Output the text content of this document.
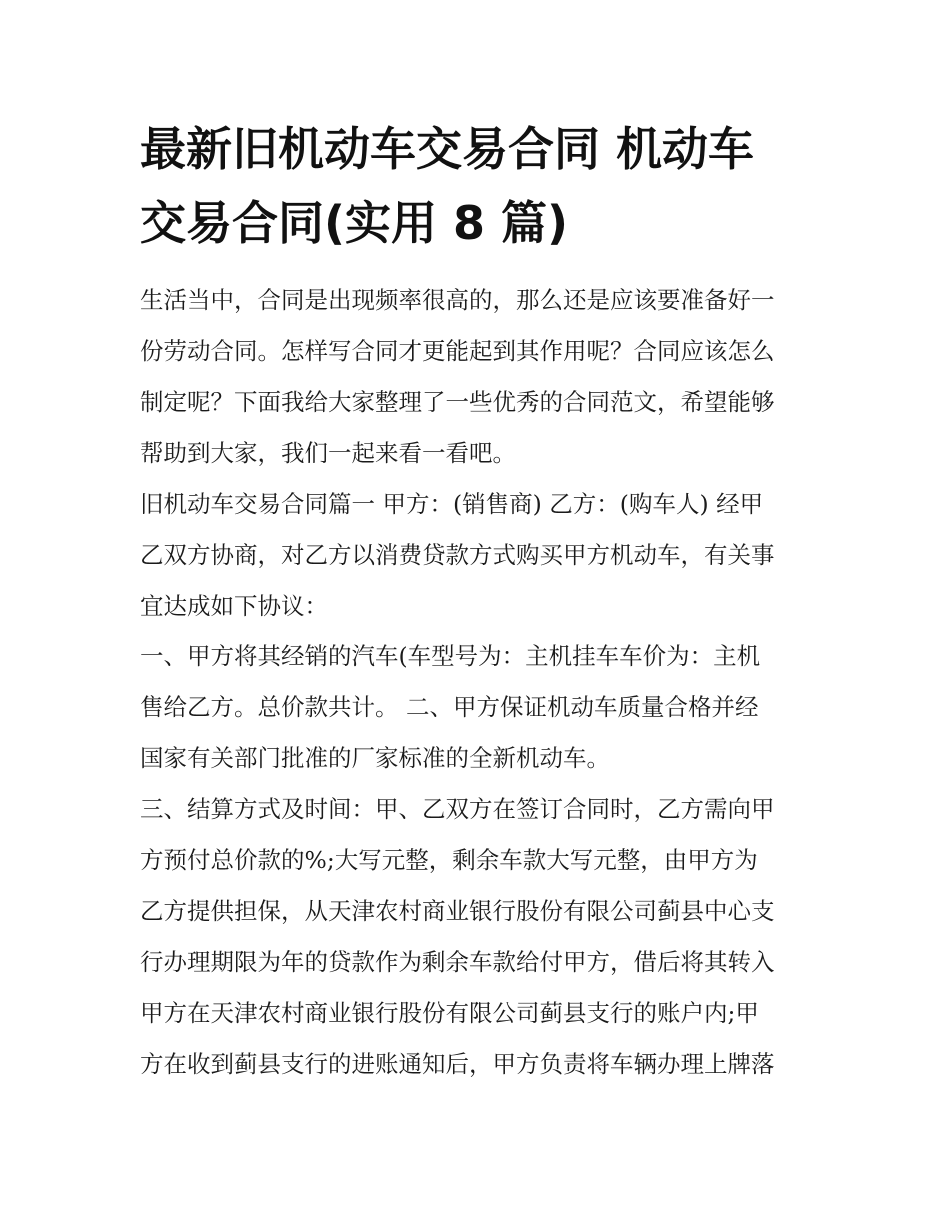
最新旧机动车交易合同 机动车
交易合同(实用 8 篇)
生活当中，合同是出现频率很高的，那么还是应该要准备好一
份劳动合同。怎样写合同才更能起到其作用呢？合同应该怎么
制定呢？下面我给大家整理了一些优秀的合同范文，希望能够
帮助到大家，我们一起来看一看吧。
旧机动车交易合同篇一 甲方：(销售商) 乙方：(购车人) 经甲
乙双方协商，对乙方以消费贷款方式购买甲方机动车，有关事
宜达成如下协议：
一、甲方将其经销的汽车(车型号为：主机挂车车价为：主机
售给乙方。总价款共计。 二、甲方保证机动车质量合格并经
国家有关部门批准的厂家标准的全新机动车。
三、结算方式及时间：甲、乙双方在签订合同时，乙方需向甲
方预付总价款的%;大写元整，剩余车款大写元整，由甲方为
乙方提供担保，从天津农村商业银行股份有限公司蓟县中心支
行办理期限为年的贷款作为剩余车款给付甲方，借后将其转入
甲方在天津农村商业银行股份有限公司蓟县支行的账户内;甲
方在收到蓟县支行的进账通知后，甲方负责将车辆办理上牌落
